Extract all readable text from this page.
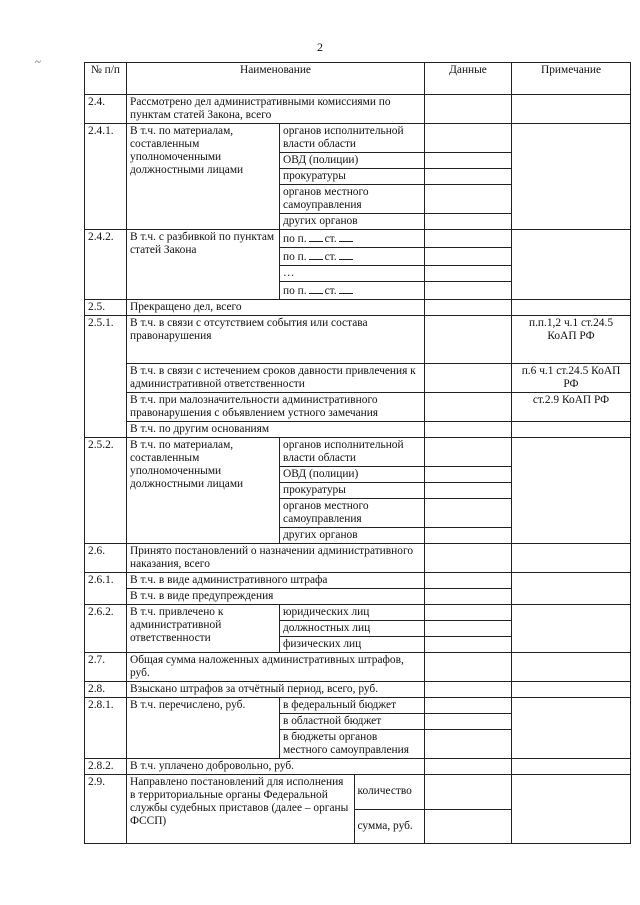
2
~
№ п/п	Наименование	Данные	Примечание
2.4.	Рассмотрено дел административными комиссиями по пунктам статей Закона, всего		
2.4.1.	В т.ч. по материалам, составленным уполномоченными должностными лицами	органов исполнительной власти области		
ОВД (полиции)	
прокуратуры	
органов местного самоуправления	
других органов	
2.4.2.	В т.ч. с разбивкой по пунктам статей Закона	по п. ст.		
по п. ст.	
…	
по п. ст.	
2.5.	Прекращено дел, всего		
2.5.1.	В т.ч. в связи с отсутствием события или состава правонарушения		п.п.1,2 ч.1 ст.24.5 КоАП РФ
В т.ч. в связи с истечением сроков давности привлечения к административной ответственности		п.6 ч.1 ст.24.5 КоАП РФ
В т.ч. при малозначительности административного правонарушения с объявлением устного замечания		ст.2.9 КоАП РФ
В т.ч. по другим основаниям		
2.5.2.	В т.ч. по материалам, составленным уполномоченными должностными лицами	органов исполнительной власти области		
ОВД (полиции)	
прокуратуры	
органов местного самоуправления	
других органов	
2.6.	Принято постановлений о назначении административного наказания, всего		
2.6.1.	В т.ч. в виде административного штрафа		
В т.ч. в виде предупреждения	
2.6.2.	В т.ч. привлечено к административной ответственности	юридических лиц		
должностных лиц	
физических лиц	
2.7.	Общая сумма наложенных административных штрафов, руб.		
2.8.	Взыскано штрафов за отчётный период, всего, руб.		
2.8.1.	В т.ч. перечислено, руб.	в федеральный бюджет		
в областной бюджет	
в бюджеты органов местного самоуправления	
2.8.2.	В т.ч. уплачено добровольно, руб.		
2.9.	Направлено постановлений для исполнения в территориальные органы Федеральной службы судебных приставов (далее – органы ФССП)	количество
сумма, руб.
